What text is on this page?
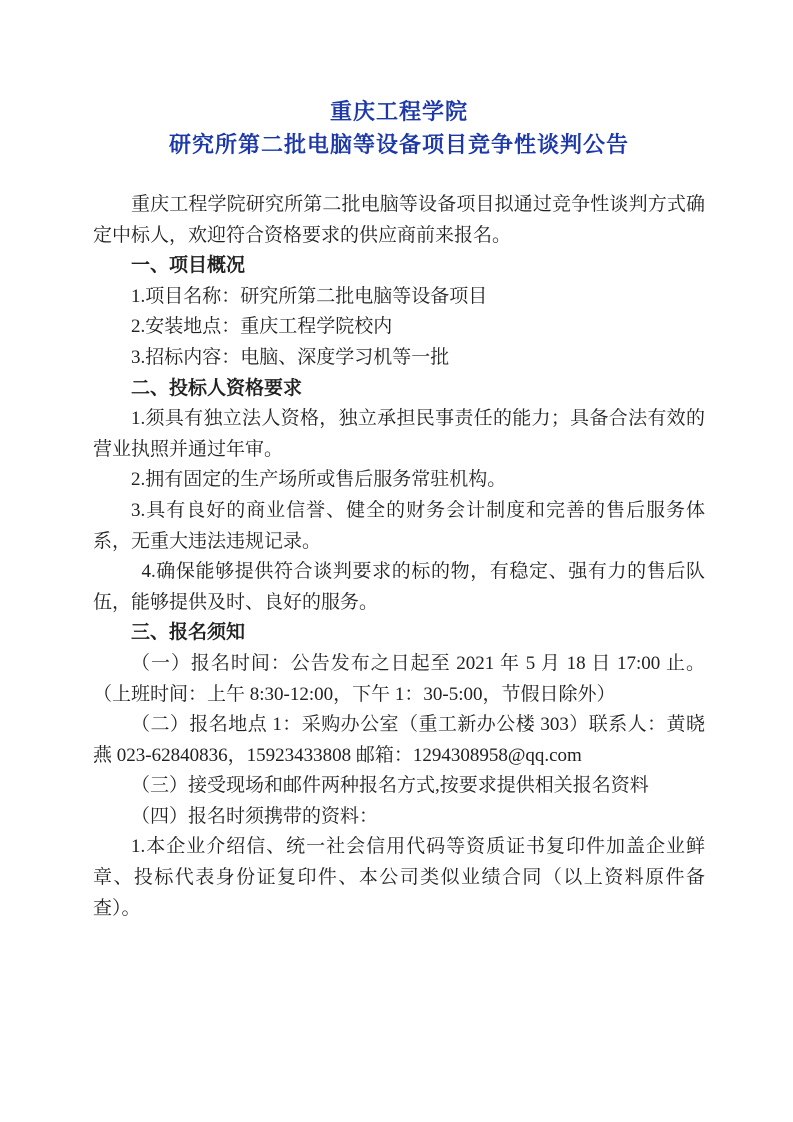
重庆工程学院
研究所第二批电脑等设备项目竞争性谈判公告

重庆工程学院研究所第二批电脑等设备项目拟通过竞争性谈判方式确定中标人，欢迎符合资格要求的供应商前来报名。

一、项目概况

1.项目名称：研究所第二批电脑等设备项目

2.安装地点：重庆工程学院校内

3.招标内容：电脑、深度学习机等一批

二、投标人资格要求

1.须具有独立法人资格，独立承担民事责任的能力；具备合法有效的营业执照并通过年审。

2.拥有固定的生产场所或售后服务常驻机构。

3.具有良好的商业信誉、健全的财务会计制度和完善的售后服务体系，无重大违法违规记录。

4.确保能够提供符合谈判要求的标的物，有稳定、强有力的售后队伍，能够提供及时、良好的服务。

三、报名须知

（一）报名时间：公告发布之日起至 2021 年 5 月 18 日 17:00 止。（上班时间：上午 8:30-12:00，下午 1：30-5:00，节假日除外）

（二）报名地点 1：采购办公室（重工新办公楼 303）联系人：黄晓燕 023-62840836，15923433808 邮箱：1294308958@qq.com

（三）接受现场和邮件两种报名方式,按要求提供相关报名资料

（四）报名时须携带的资料：

1.本企业介绍信、统一社会信用代码等资质证书复印件加盖企业鲜章、投标代表身份证复印件、本公司类似业绩合同（以上资料原件备查）。
